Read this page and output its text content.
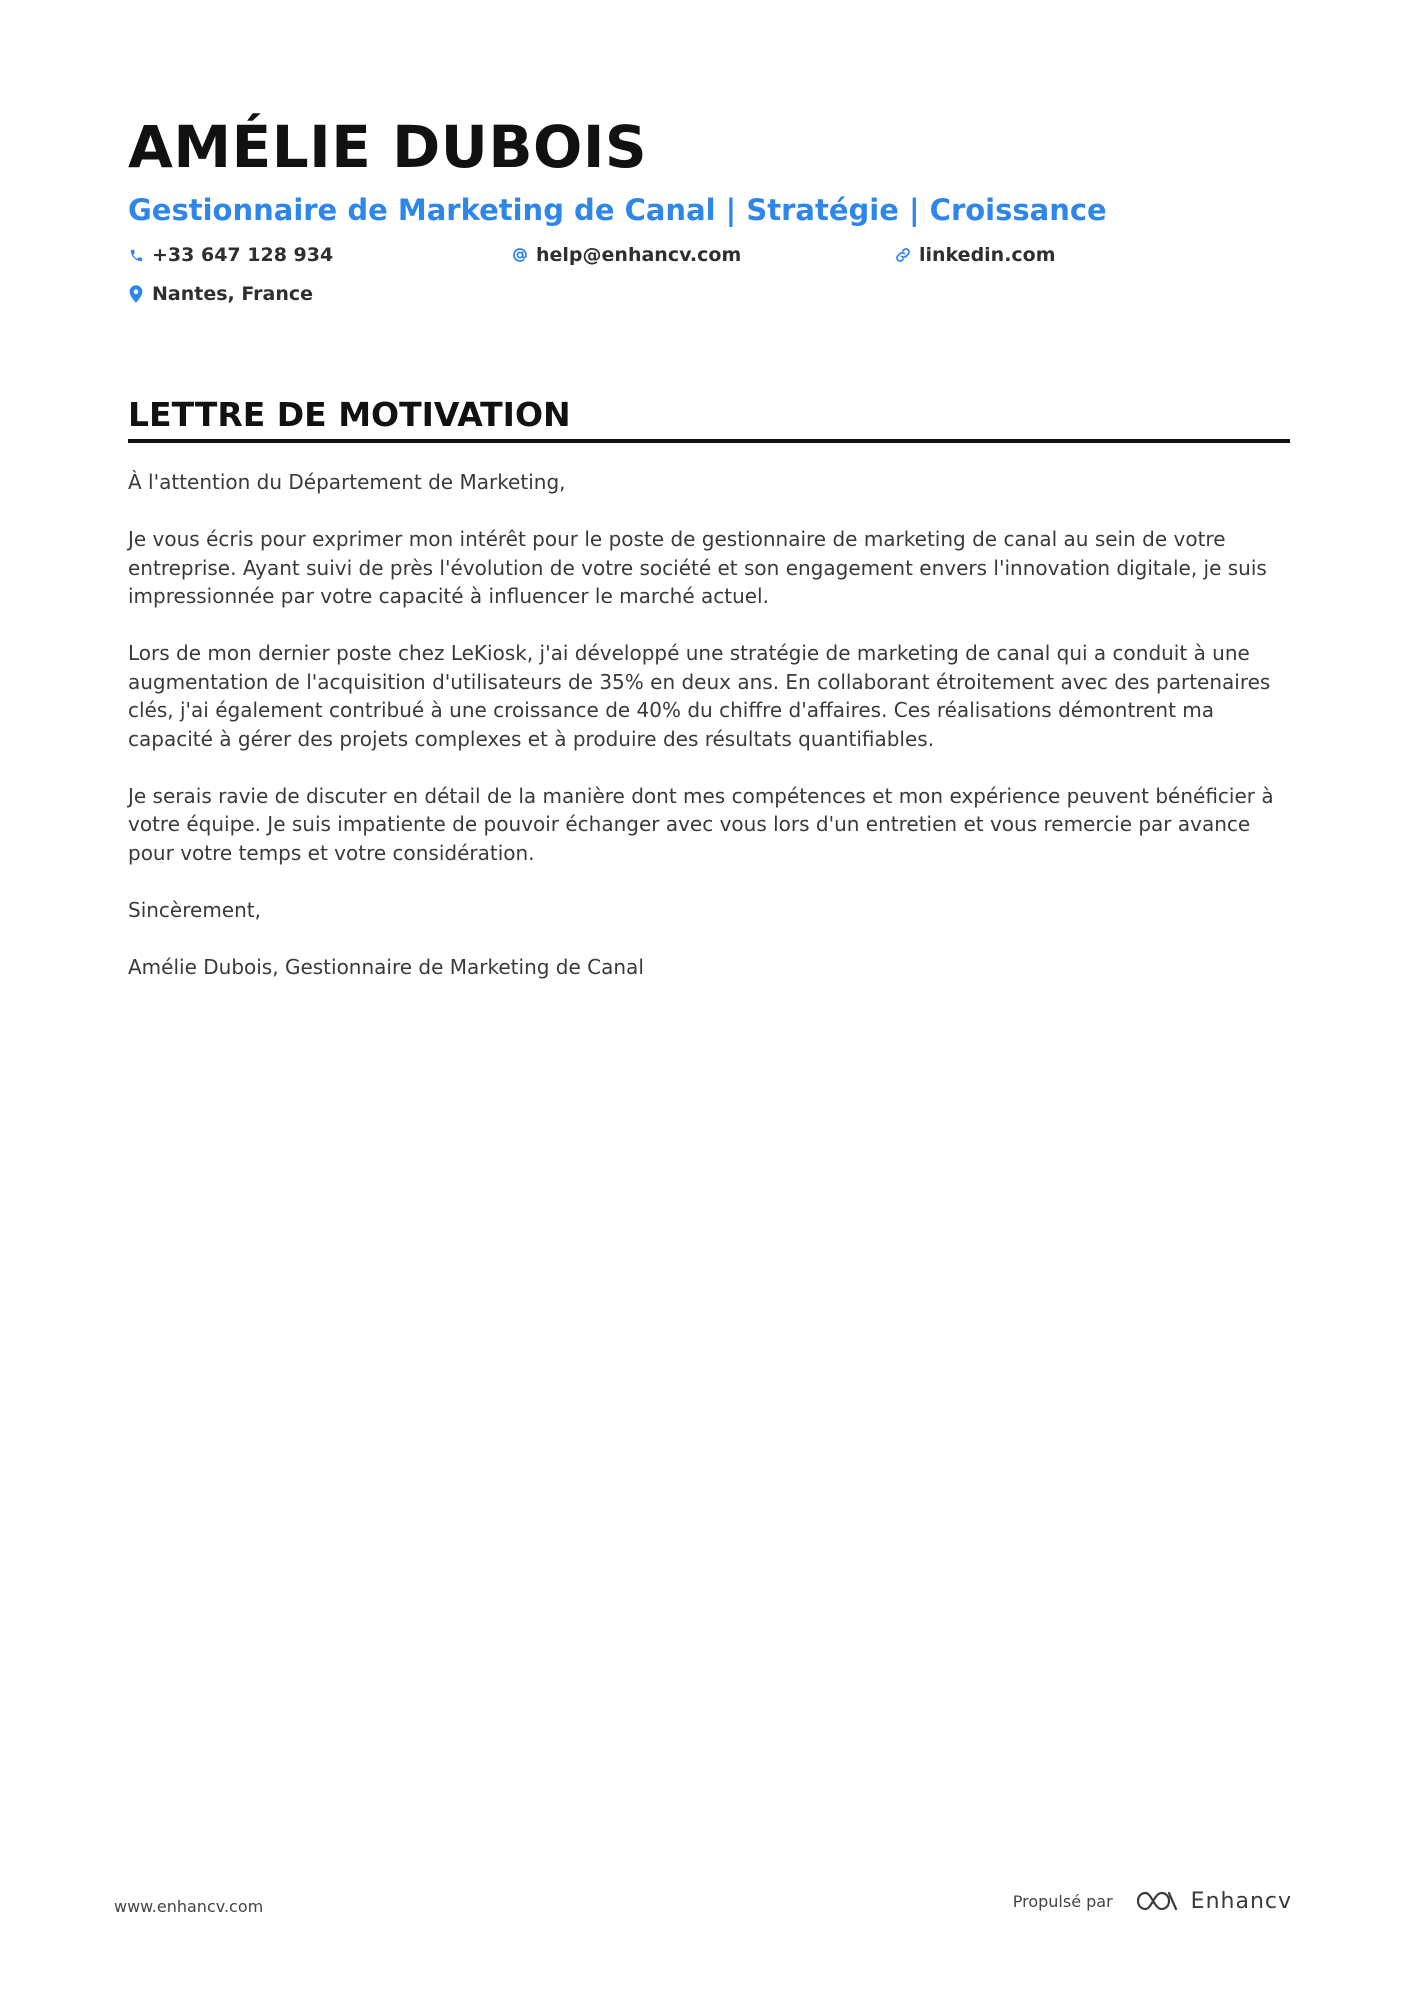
AMÉLIE DUBOIS
Gestionnaire de Marketing de Canal | Stratégie | Croissance
+33 647 128 934	help@enhancv.com	linkedin.com
Nantes, France
LETTRE DE MOTIVATION

À l'attention du Département de Marketing,

Je vous écris pour exprimer mon intérêt pour le poste de gestionnaire de marketing de canal au sein de votre entreprise. Ayant suivi de près l'évolution de votre société et son engagement envers l'innovation digitale, je suis impressionnée par votre capacité à influencer le marché actuel.

Lors de mon dernier poste chez LeKiosk, j'ai développé une stratégie de marketing de canal qui a conduit à une augmentation de l'acquisition d'utilisateurs de 35% en deux ans. En collaborant étroitement avec des partenaires clés, j'ai également contribué à une croissance de 40% du chiffre d'affaires. Ces réalisations démontrent ma capacité à gérer des projets complexes et à produire des résultats quantifiables.

Je serais ravie de discuter en détail de la manière dont mes compétences et mon expérience peuvent bénéficier à votre équipe. Je suis impatiente de pouvoir échanger avec vous lors d'un entretien et vous remercie par avance pour votre temps et votre considération.

Sincèrement,

Amélie Dubois, Gestionnaire de Marketing de Canal

www.enhancv.com	Propulsé par	Enhancv
